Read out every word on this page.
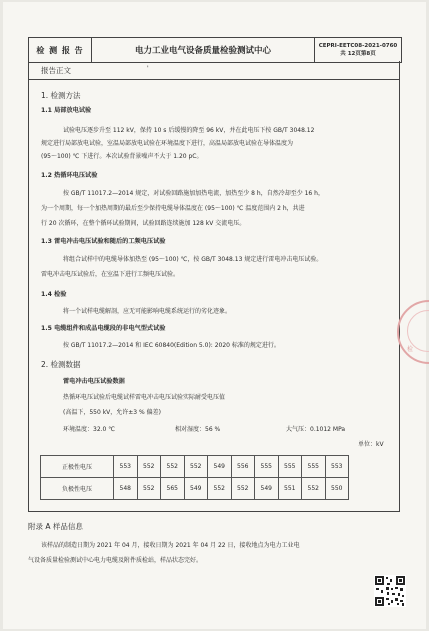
检 测 报 告	电力工业电气设备质量检验测试中心	CEPRI-EETC08-2021-0760
共 12页第8页
报告正文	'
1. 检测方法
1.1 局部放电试验
试验电压逐步升至 112 kV，保持 10 s 后缓慢的降至 96 kV，并在此电压下按 GB/T 3048.12
规定进行局部放电试验，室温局部放电试验在环境温度下进行，高温局部放电试验在导体温度为
(95～100) ℃ 下进行。本次试验背景噪声不大于 1.20 pC。
1.2 热循环电压试验
按 GB/T 11017.2—2014 规定，对试验回路施加加热电流，加热至少 8 h，自然冷却至少 16 h，
为一个周期，每一个加热周期的最后至少保持电缆导体温度在 (95～100) ℃ 温度范围内 2 h，共进
行 20 次循环，在整个循环试验期间，试验回路连续施加 128 kV 交流电压。
1.3 雷电冲击电压试验和随后的工频电压试验
将组合试样中的电缆导体加热至 (95～100) ℃，按 GB/T 3048.13 规定进行雷电冲击电压试验。
雷电冲击电压试验后，在室温下进行工频电压试验。
1.4 检验
将一个试样电缆解剖，应无可能影响电缆系统运行的劣化迹象。
1.5 电缆组件和成品电缆段的非电气型式试验
按 GB/T 11017.2—2014 和 IEC 60840(Edition 5.0): 2020 标准的规定进行。
2. 检测数据
雷电冲击电压试验数据
热循环电压试验后电缆试样雷电冲击电压试验实际耐受电压值
(高温下，550 kV，允许±3 % 偏差)
环境温度：32.0 ℃	相对湿度：56 %	大气压：0.1012 MPa
单位：kV
正极性电压	553	552	552	552	549	556	555	555	555	553
负极性电压	548	552	565	549	552	552	549	551	552	550
附录 A 样品信息
该样品的制造日期为 2021 年 04 月，接收日期为 2021 年 04 月 22 日，接收地点为电力工业电
气设备质量检验测试中心电力电缆及附件质检站，样品状态完好。
检
